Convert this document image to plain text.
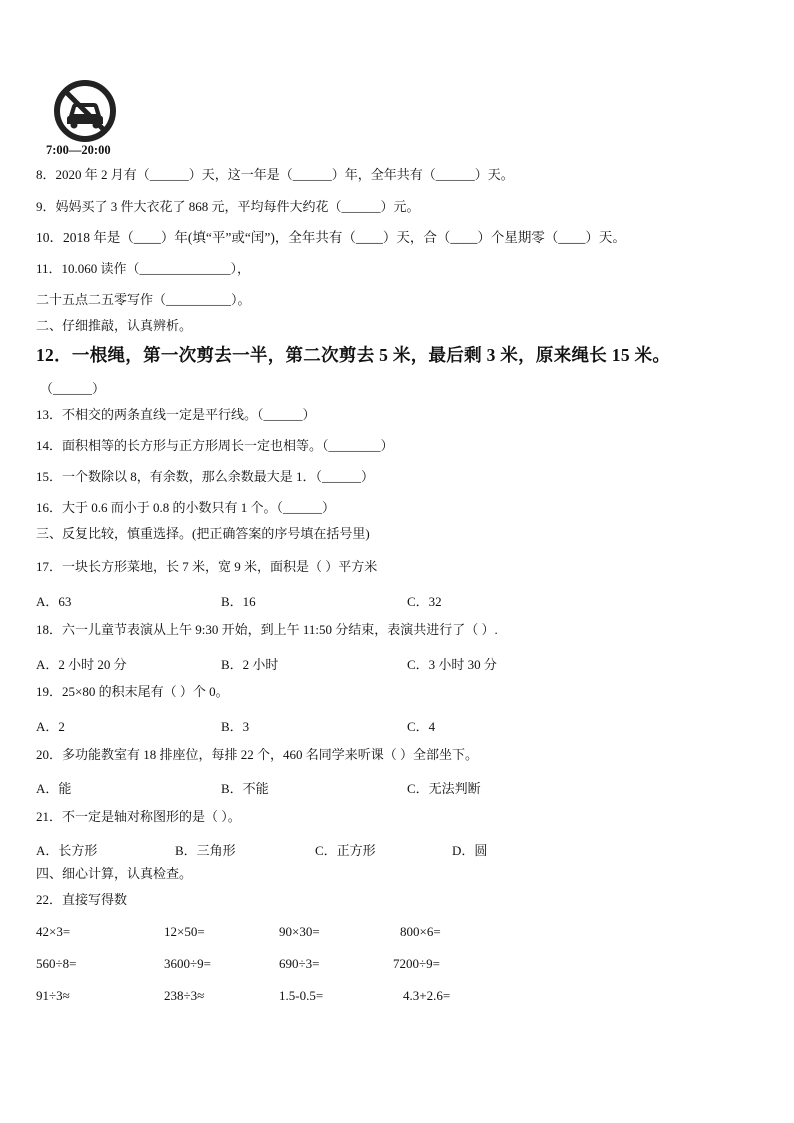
7:00—20:00
8．2020 年 2 月有（______）天，这一年是（______）年，全年共有（______）天。
9．妈妈买了 3 件大衣花了 868 元，平均每件大约花（______）元。
10．2018 年是（____）年(填“平”或“闰”)，全年共有（____）天，合（____）个星期零（____）天。
11．10.060 读作（______________），
二十五点二五零写作（__________）。
二、仔细推敲，认真辨析。
12．一根绳，第一次剪去一半，第二次剪去 5 米，最后剩 3 米，原来绳长 15 米。
（______）
13．不相交的两条直线一定是平行线。（______）
14．面积相等的长方形与正方形周长一定也相等。（________）
15．一个数除以 8，有余数，那么余数最大是 1．（______）
16．大于 0.6 而小于 0.8 的小数只有 1 个。（______）
三、反复比较，慎重选择。(把正确答案的序号填在括号里)
17．一块长方形菜地，长 7 米，宽 9 米，面积是（ ）平方米
A．63	B．16	C．32
18．六一儿童节表演从上午 9:30 开始，到上午 11:50 分结束，表演共进行了（ ）.
A．2 小时 20 分	B．2 小时	C．3 小时 30 分
19．25×80 的积末尾有（ ）个 0。
A．2	B．3	C．4
20．多功能教室有 18 排座位，每排 22 个，460 名同学来听课（ ）全部坐下。
A．能	B．不能	C．无法判断
21．不一定是轴对称图形的是（ ）。
A．长方形	B．三角形	C．正方形	D．圆
四、细心计算，认真检查。
22．直接写得数
42×3=	12×50=	90×30=	800×6=
560÷8=	3600÷9=	690÷3=	7200÷9=
91÷3≈	238÷3≈	1.5-0.5=	4.3+2.6=
